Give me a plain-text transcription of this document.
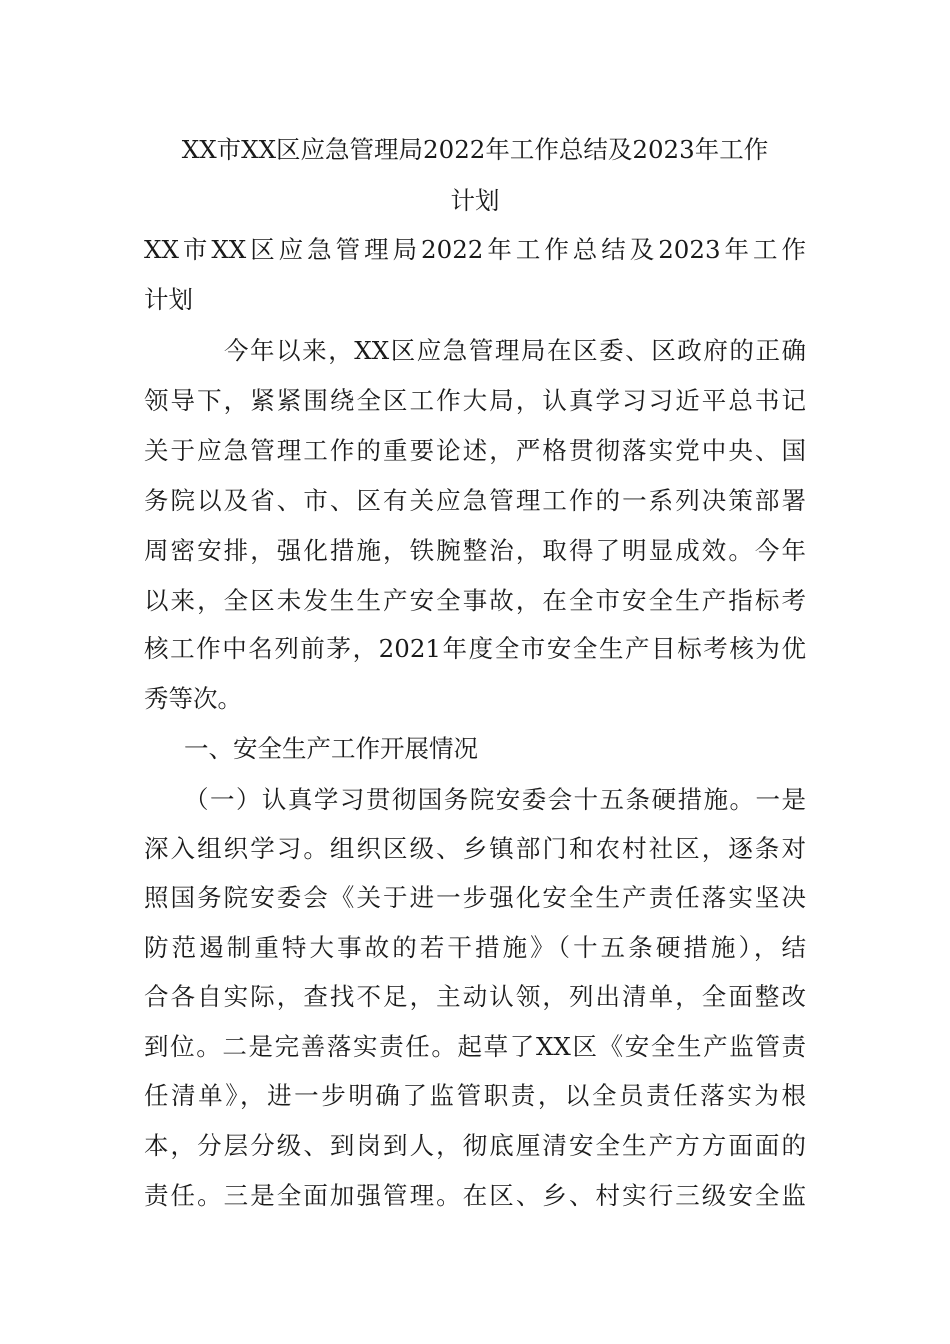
XX市XX区应急管理局2022年工作总结及2023年工作
计划
XX市XX区应急管理局2022年工作总结及2023年工作
计划
今年以来，XX区应急管理局在区委、区政府的正确
领导下，紧紧围绕全区工作大局，认真学习习近平总书记
关于应急管理工作的重要论述，严格贯彻落实党中央、国
务院以及省、市、区有关应急管理工作的一系列决策部署
周密安排，强化措施，铁腕整治，取得了明显成效。今年
以来，全区未发生生产安全事故，在全市安全生产指标考
核工作中名列前茅，2021年度全市安全生产目标考核为优
秀等次。
一、安全生产工作开展情况
（一）认真学习贯彻国务院安委会十五条硬措施。一是
深入组织学习。组织区级、乡镇部门和农村社区，逐条对
照国务院安委会《关于进一步强化安全生产责任落实坚决
防范遏制重特大事故的若干措施》（十五条硬措施），结
合各自实际，查找不足，主动认领，列出清单，全面整改
到位。二是完善落实责任。起草了XX区《安全生产监管责
任清单》，进一步明确了监管职责，以全员责任落实为根
本，分层分级、到岗到人，彻底厘清安全生产方方面面的
责任。三是全面加强管理。在区、乡、村实行三级安全监
